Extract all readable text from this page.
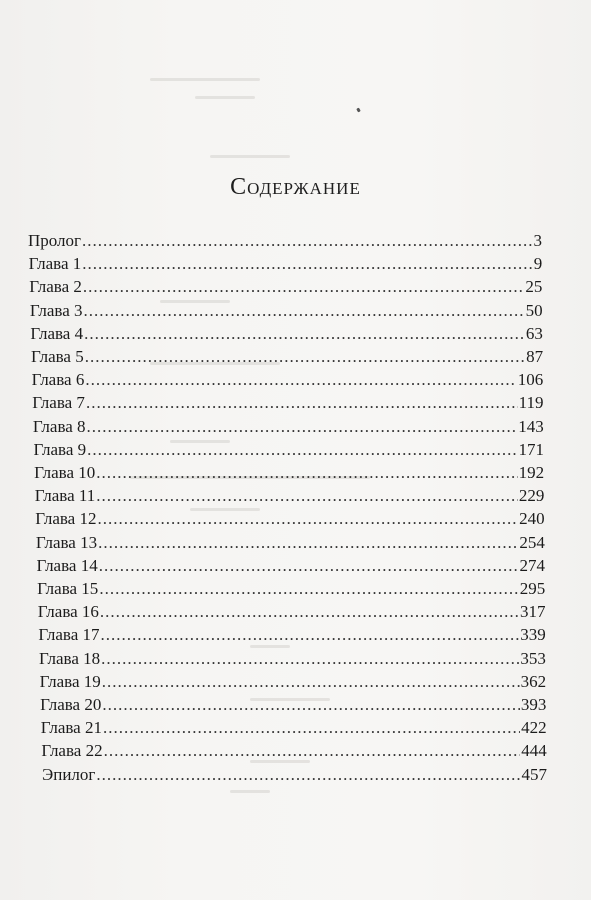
Содержание
Пролог .....	3
Глава 1 .....	9
Глава 2 .....	25
Глава 3 .....	50
Глава 4 .....	63
Глава 5 .....	87
Глава 6 .....	106
Глава 7 .....	119
Глава 8 .....	143
Глава 9 .....	171
Глава 10 .....	192
Глава 11 .....	229
Глава 12 .....	240
Глава 13 .....	254
Глава 14 .....	274
Глава 15 .....	295
Глава 16 .....	317
Глава 17 .....	339
Глава 18 .....	353
Глава 19 .....	362
Глава 20 .....	393
Глава 21 .....	422
Глава 22 .....	444
Эпилог .....	457
